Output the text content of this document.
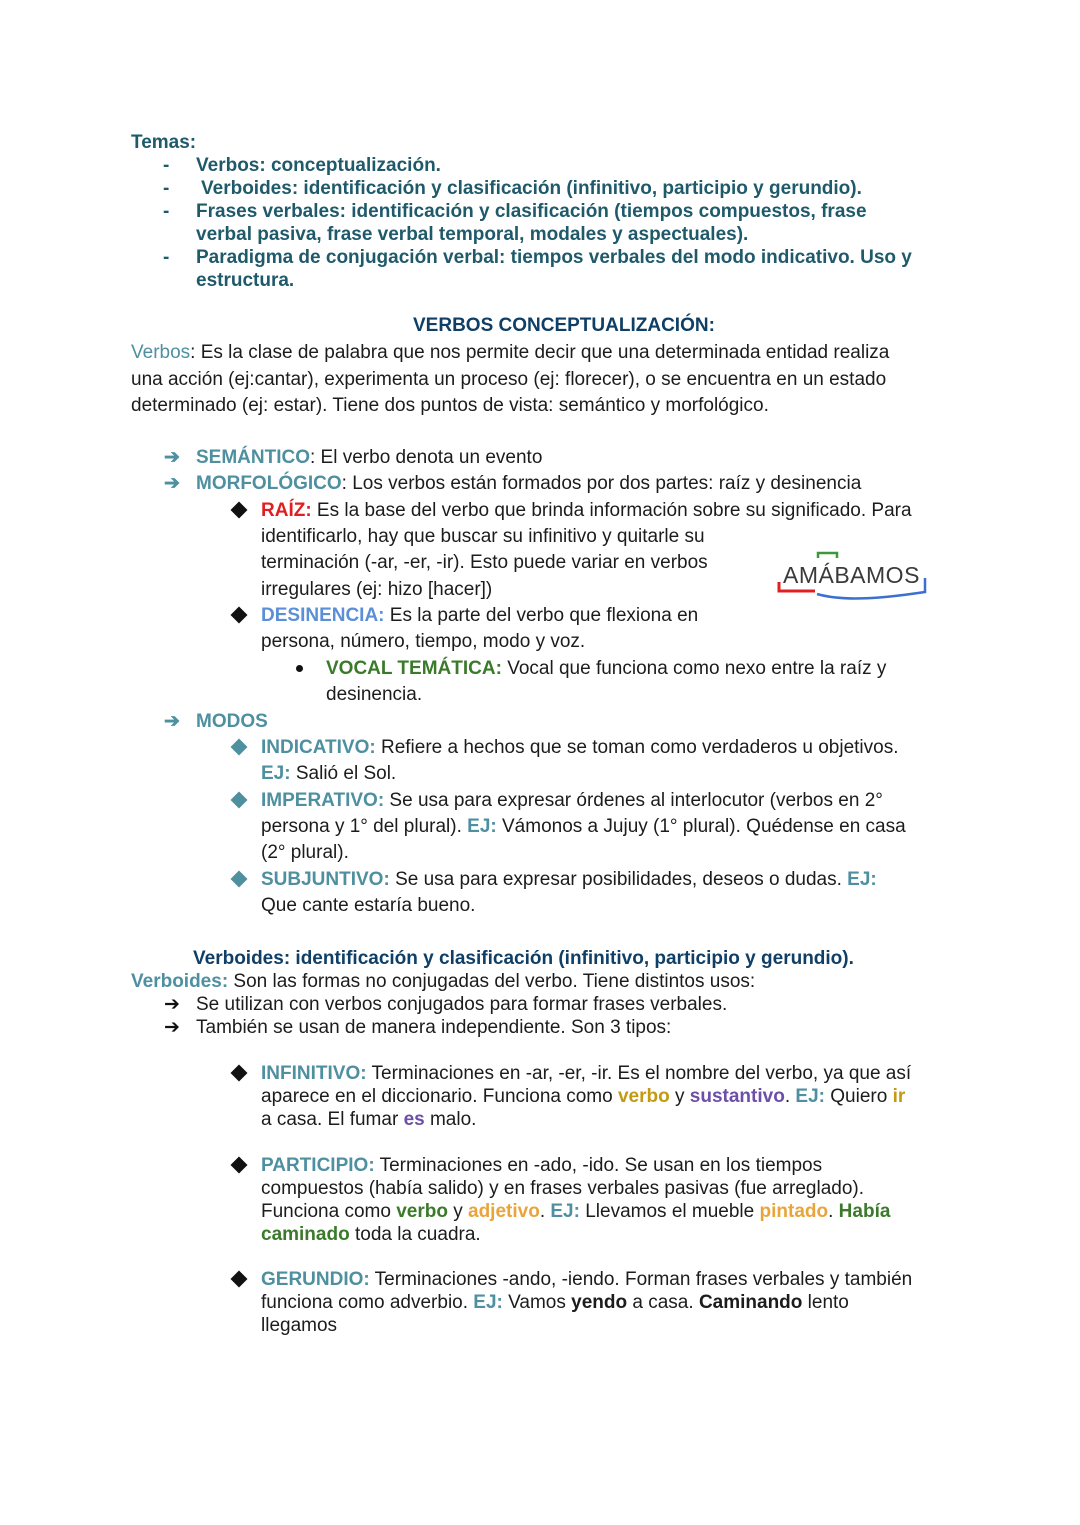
Temas:
- Verbos: conceptualización.
- Verboides: identificación y clasificación (infinitivo, participio y gerundio).
- Frases verbales: identificación y clasificación (tiempos compuestos, frase
verbal pasiva, frase verbal temporal, modales y aspectuales).
- Paradigma de conjugación verbal: tiempos verbales del modo indicativo. Uso y
estructura.
VERBOS CONCEPTUALIZACIÓN:
Verbos: Es la clase de palabra que nos permite decir que una determinada entidad realiza
una acción (ej:cantar), experimenta un proceso (ej: florecer), o se encuentra en un estado
determinado (ej: estar). Tiene dos puntos de vista: semántico y morfológico.
➔ SEMÁNTICO: El verbo denota un evento
➔ MORFOLÓGICO: Los verbos están formados por dos partes: raíz y desinencia
RAÍZ: Es la base del verbo que brinda información sobre su significado. Para
identificarlo, hay que buscar su infinitivo y quitarle su
terminación (-ar, -er, -ir). Esto puede variar en verbos
irregulares (ej: hizo [hacer])
AMÁBAMOS
DESINENCIA: Es la parte del verbo que flexiona en
persona, número, tiempo, modo y voz.
VOCAL TEMÁTICA: Vocal que funciona como nexo entre la raíz y
desinencia.
➔ MODOS
INDICATIVO: Refiere a hechos que se toman como verdaderos u objetivos.
EJ: Salió el Sol.
IMPERATIVO: Se usa para expresar órdenes al interlocutor (verbos en 2°
persona y 1° del plural). EJ: Vámonos a Jujuy (1° plural). Quédense en casa
(2° plural).
SUBJUNTIVO: Se usa para expresar posibilidades, deseos o dudas. EJ:
Que cante estaría bueno.
Verboides: identificación y clasificación (infinitivo, participio y gerundio).
Verboides: Son las formas no conjugadas del verbo. Tiene distintos usos:
➔ Se utilizan con verbos conjugados para formar frases verbales.
➔ También se usan de manera independiente. Son 3 tipos:
INFINITIVO: Terminaciones en -ar, -er, -ir. Es el nombre del verbo, ya que así
aparece en el diccionario. Funciona como verbo y sustantivo. EJ: Quiero ir
a casa. El fumar es malo.
PARTICIPIO: Terminaciones en -ado, -ido. Se usan en los tiempos
compuestos (había salido) y en frases verbales pasivas (fue arreglado).
Funciona como verbo y adjetivo. EJ: Llevamos el mueble pintado. Había
caminado toda la cuadra.
GERUNDIO: Terminaciones -ando, -iendo. Forman frases verbales y también
funciona como adverbio. EJ: Vamos yendo a casa. Caminando lento
llegamos
